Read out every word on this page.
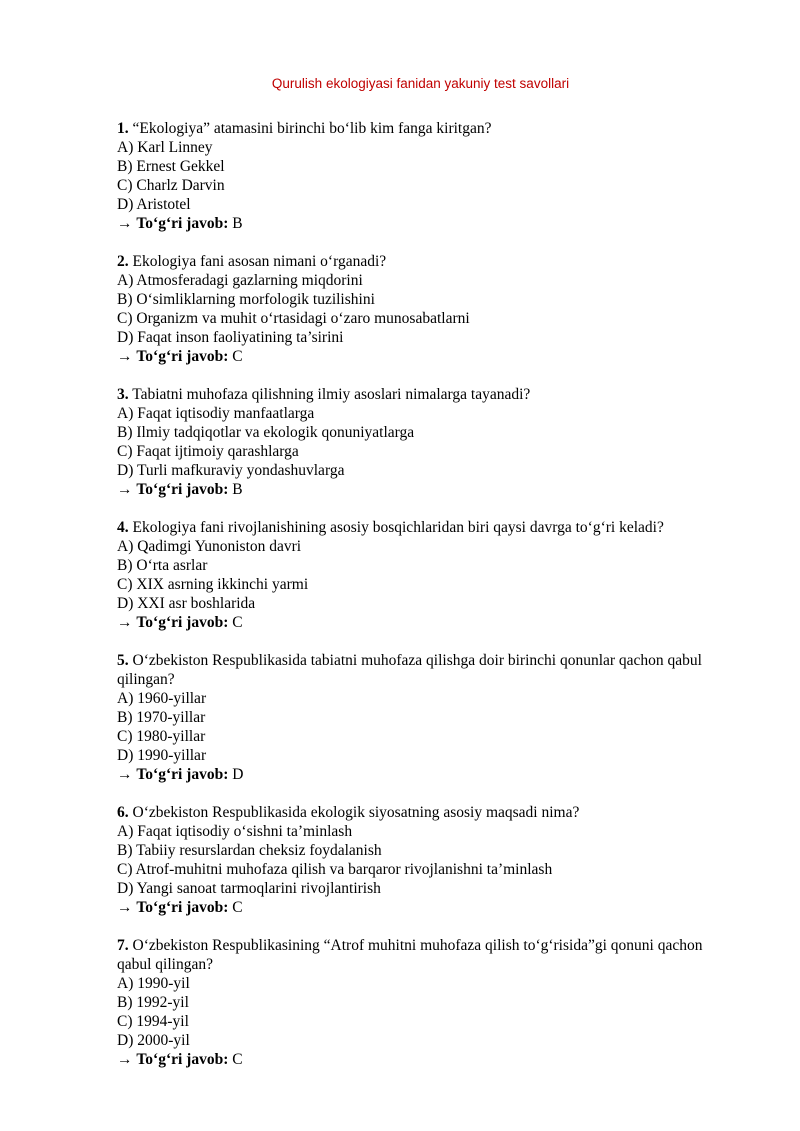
Qurulish ekologiyasi fanidan yakuniy test savollari

1. “Ekologiya” atamasini birinchi bo‘lib kim fanga kiritgan?

A) Karl Linney

B) Ernest Gekkel

C) Charlz Darvin

D) Aristotel

→ To‘g‘ri javob: B

2. Ekologiya fani asosan nimani o‘rganadi?

A) Atmosferadagi gazlarning miqdorini

B) O‘simliklarning morfologik tuzilishini

C) Organizm va muhit o‘rtasidagi o‘zaro munosabatlarni

D) Faqat inson faoliyatining ta’sirini

→ To‘g‘ri javob: C

3. Tabiatni muhofaza qilishning ilmiy asoslari nimalarga tayanadi?

A) Faqat iqtisodiy manfaatlarga

B) Ilmiy tadqiqotlar va ekologik qonuniyatlarga

C) Faqat ijtimoiy qarashlarga

D) Turli mafkuraviy yondashuvlarga

→ To‘g‘ri javob: B

4. Ekologiya fani rivojlanishining asosiy bosqichlaridan biri qaysi davrga to‘g‘ri keladi?

A) Qadimgi Yunoniston davri

B) O‘rta asrlar

C) XIX asrning ikkinchi yarmi

D) XXI asr boshlarida

→ To‘g‘ri javob: C

5. O‘zbekiston Respublikasida tabiatni muhofaza qilishga doir birinchi qonunlar qachon qabul qilingan?

A) 1960-yillar

B) 1970-yillar

C) 1980-yillar

D) 1990-yillar

→ To‘g‘ri javob: D

6. O‘zbekiston Respublikasida ekologik siyosatning asosiy maqsadi nima?

A) Faqat iqtisodiy o‘sishni ta’minlash

B) Tabiiy resurslardan cheksiz foydalanish

C) Atrof-muhitni muhofaza qilish va barqaror rivojlanishni ta’minlash

D) Yangi sanoat tarmoqlarini rivojlantirish

→ To‘g‘ri javob: C

7. O‘zbekiston Respublikasining “Atrof muhitni muhofaza qilish to‘g‘risida”gi qonuni qachon qabul qilingan?

A) 1990-yil

B) 1992-yil

C) 1994-yil

D) 2000-yil

→ To‘g‘ri javob: C
